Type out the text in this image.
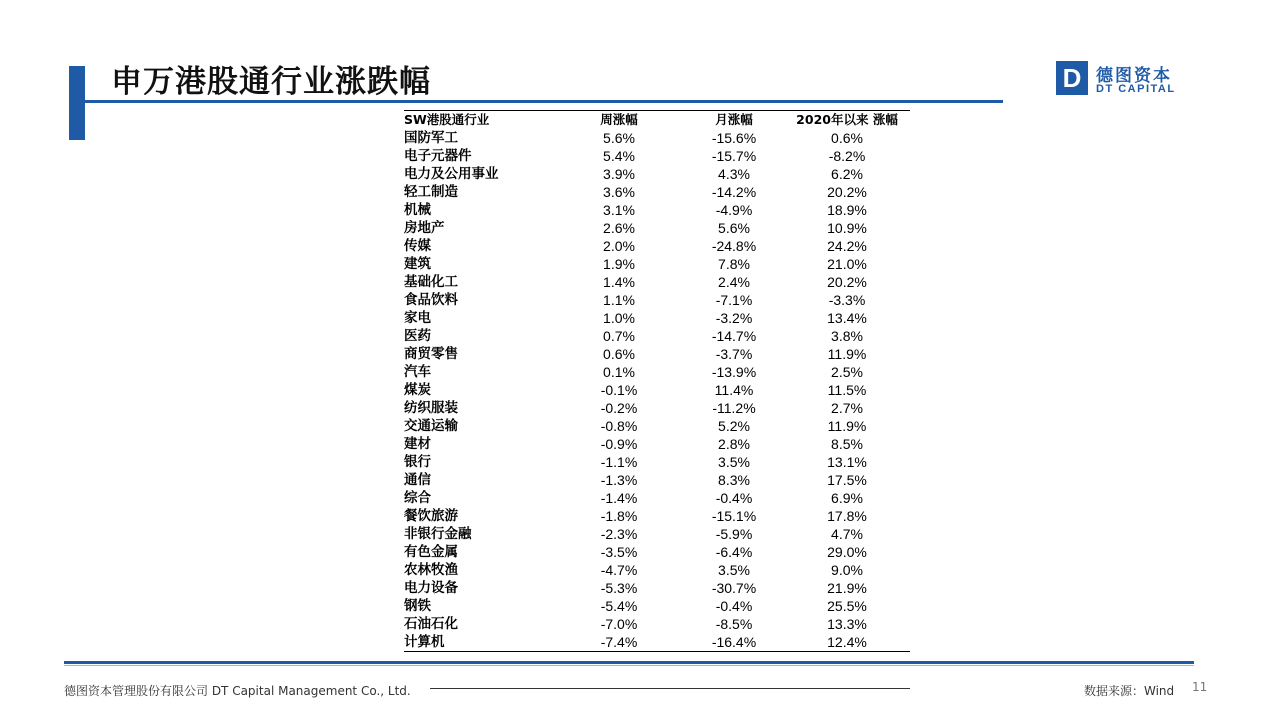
申万港股通行业涨跌幅	D 德图资本
DT CAPITAL
SW港股通行业	周涨幅	月涨幅	2020年以来 涨幅
国防军工	5.6%	-15.6%	0.6%
电子元器件	5.4%	-15.7%	-8.2%
电力及公用事业	3.9%	4.3%	6.2%
轻工制造	3.6%	-14.2%	20.2%
机械	3.1%	-4.9%	18.9%
房地产	2.6%	5.6%	10.9%
传媒	2.0%	-24.8%	24.2%
建筑	1.9%	7.8%	21.0%
基础化工	1.4%	2.4%	20.2%
食品饮料	1.1%	-7.1%	-3.3%
家电	1.0%	-3.2%	13.4%
医药	0.7%	-14.7%	3.8%
商贸零售	0.6%	-3.7%	11.9%
汽车	0.1%	-13.9%	2.5%
煤炭	-0.1%	11.4%	11.5%
纺织服装	-0.2%	-11.2%	2.7%
交通运输	-0.8%	5.2%	11.9%
建材	-0.9%	2.8%	8.5%
银行	-1.1%	3.5%	13.1%
通信	-1.3%	8.3%	17.5%
综合	-1.4%	-0.4%	6.9%
餐饮旅游	-1.8%	-15.1%	17.8%
非银行金融	-2.3%	-5.9%	4.7%
有色金属	-3.5%	-6.4%	29.0%
农林牧渔	-4.7%	3.5%	9.0%
电力设备	-5.3%	-30.7%	21.9%
钢铁	-5.4%	-0.4%	25.5%
石油石化	-7.0%	-8.5%	13.3%
计算机	-7.4%	-16.4%	12.4%
德图资本管理股份有限公司 DT Capital Management Co., Ltd.	数据来源：Wind 11
